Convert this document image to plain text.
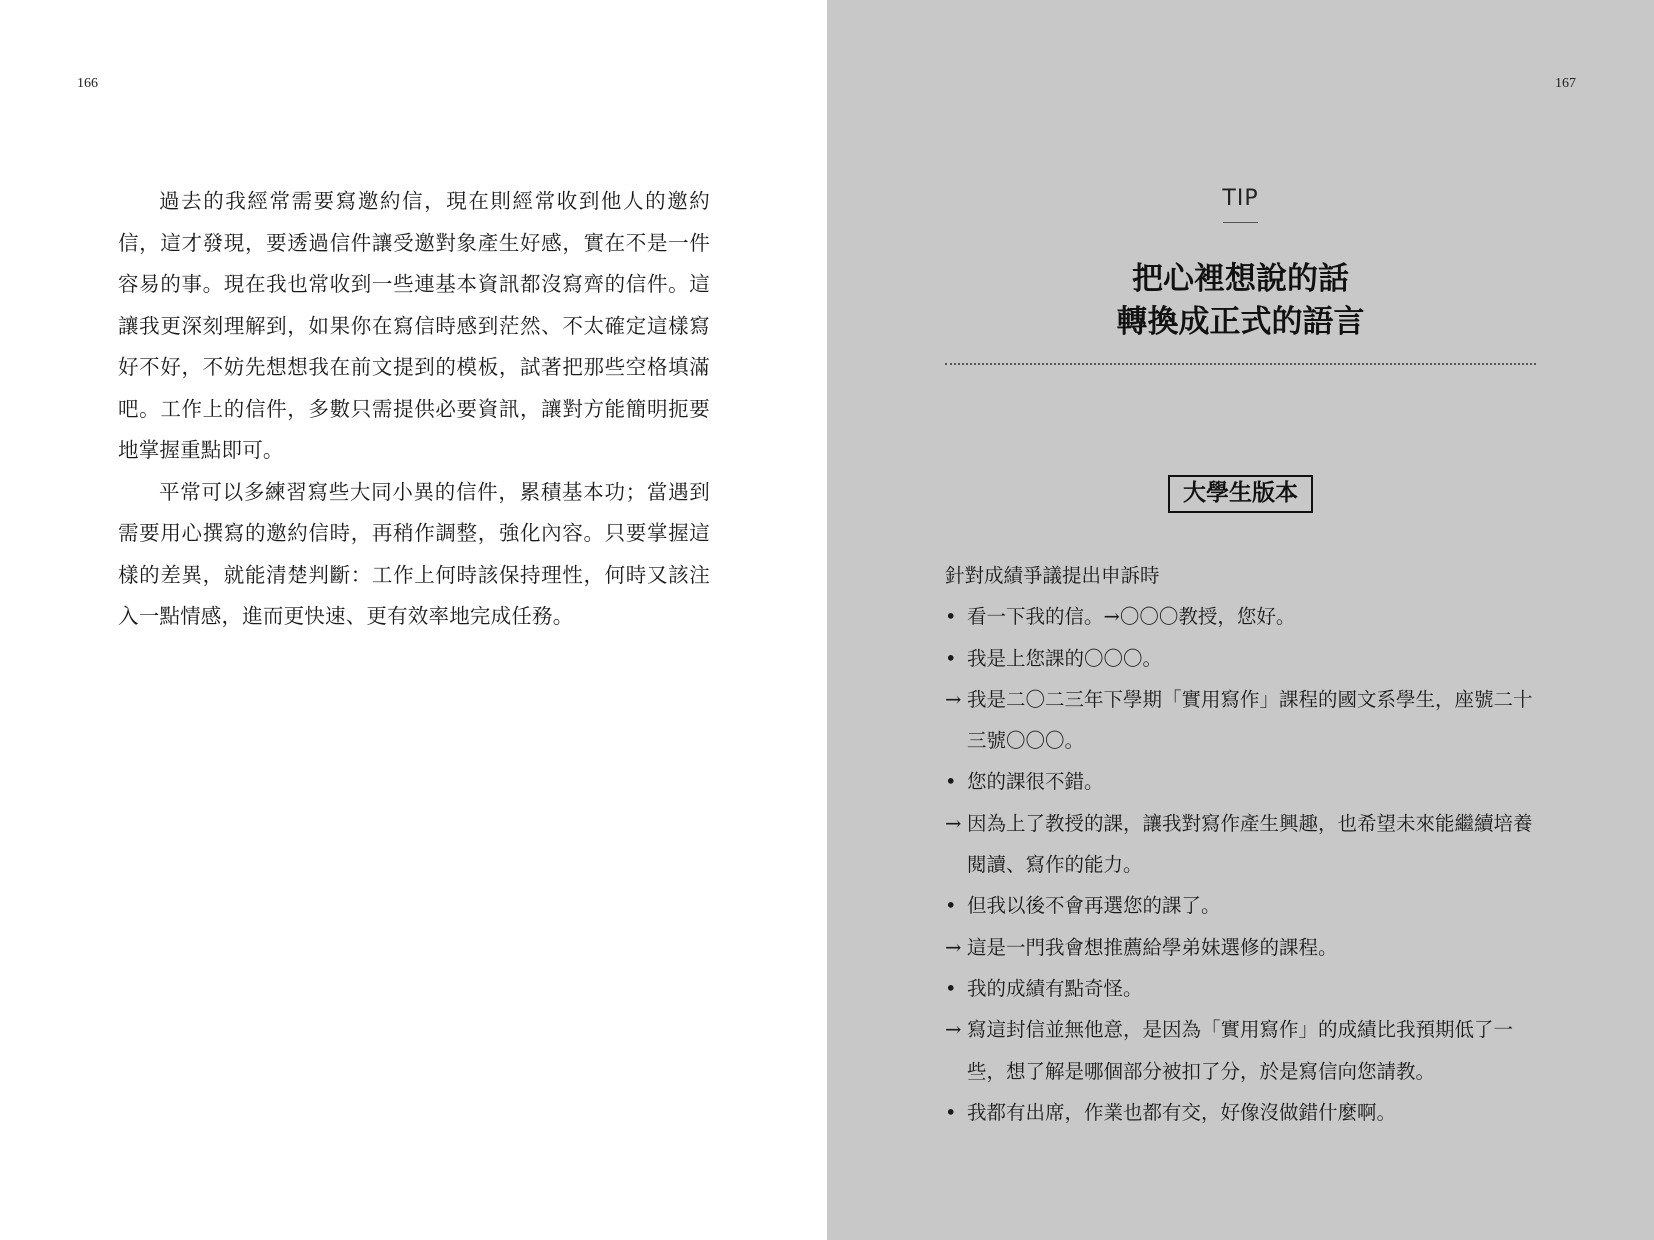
166

過去的我經常需要寫邀約信，現在則經常收到他人的邀約信，這才發現，要透過信件讓受邀對象產生好感，實在不是一件容易的事。現在我也常收到一些連基本資訊都沒寫齊的信件。這讓我更深刻理解到，如果你在寫信時感到茫然、不太確定這樣寫好不好，不妨先想想我在前文提到的模板，試著把那些空格填滿吧。工作上的信件，多數只需提供必要資訊，讓對方能簡明扼要地掌握重點即可。

平常可以多練習寫些大同小異的信件，累積基本功；當遇到需要用心撰寫的邀約信時，再稍作調整，強化內容。只要掌握這樣的差異，就能清楚判斷：工作上何時該保持理性，何時又該注入一點情感，進而更快速、更有效率地完成任務。

167
TIP
把心裡想說的話
轉換成正式的語言
大學生版本
針對成績爭議提出申訴時
• 看一下我的信。→〇〇〇教授，您好。
• 我是上您課的〇〇〇。
→ 我是二〇二三年下學期「實用寫作」課程的國文系學生，座號二十三號〇〇〇。
• 您的課很不錯。
→ 因為上了教授的課，讓我對寫作產生興趣，也希望未來能繼續培養閱讀、寫作的能力。
• 但我以後不會再選您的課了。
→ 這是一門我會想推薦給學弟妹選修的課程。
• 我的成績有點奇怪。
→ 寫這封信並無他意，是因為「實用寫作」的成績比我預期低了一些，想了解是哪個部分被扣了分，於是寫信向您請教。
• 我都有出席，作業也都有交，好像沒做錯什麼啊。
